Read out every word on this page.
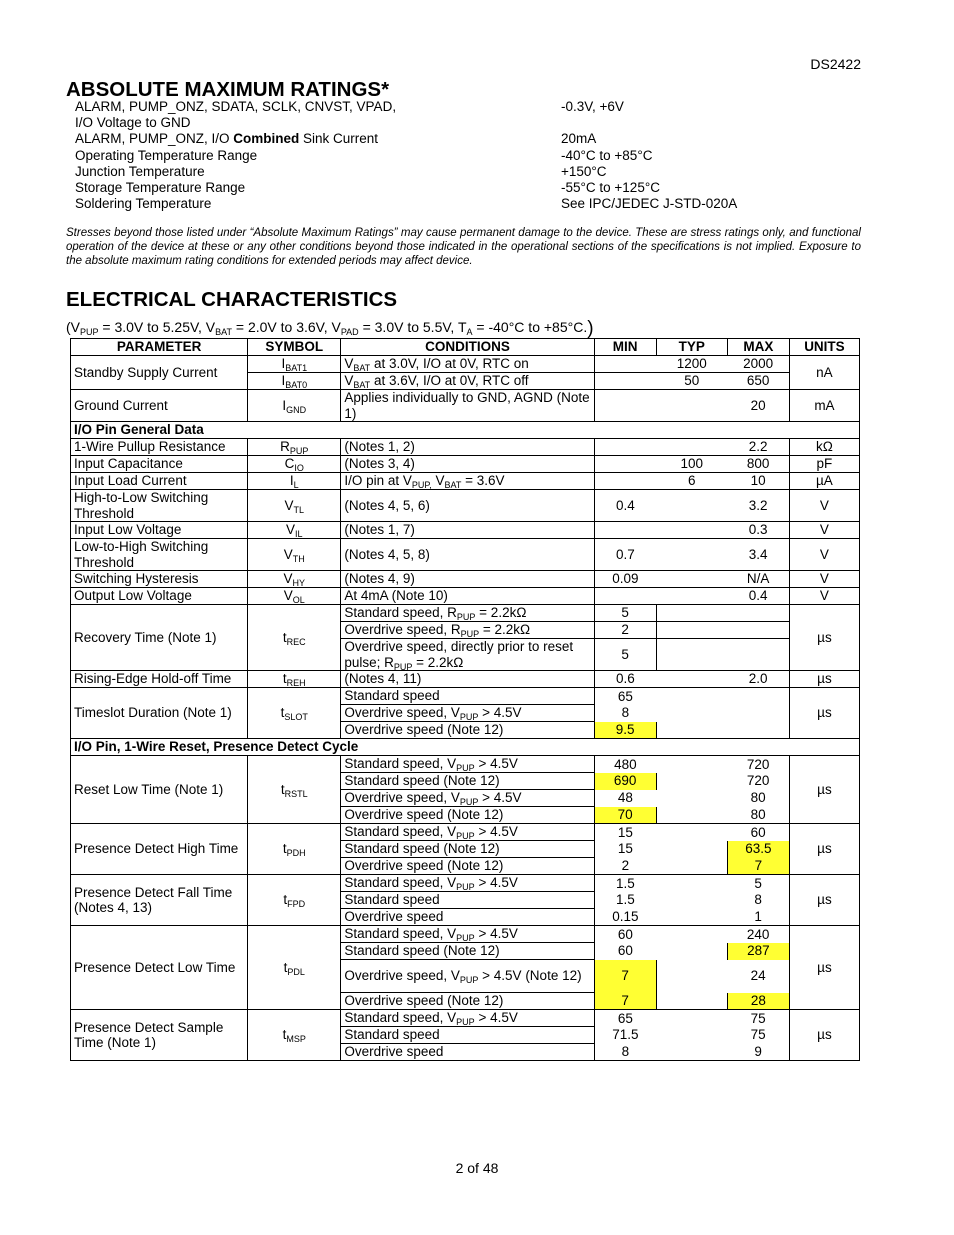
DS2422
ABSOLUTE MAXIMUM RATINGS*
ALARM, PUMP_ONZ, SDATA, SCLK, CNVST, VPAD,	-0.3V, +6V
I/O Voltage to GND	
ALARM, PUMP_ONZ, I/O Combined Sink Current	20mA
Operating Temperature Range	-40°C to +85°C
Junction Temperature	+150°C
Storage Temperature Range	-55°C to +125°C
Soldering Temperature	See IPC/JEDEC J-STD-020A
Stresses beyond those listed under “Absolute Maximum Ratings” may cause permanent damage to the device. These are stress ratings only, and functional operation of the device at these or any other conditions beyond those indicated in the operational sections of the specifications is not implied. Exposure to the absolute maximum rating conditions for extended periods may affect device.
ELECTRICAL CHARACTERISTICS
($V_{PUP} = 3.0V$ to 5.25V, $V_{BAT} = 2.0V$ to 3.6V, $V_{PAD} = 3.0V$ to 5.5V, $T_A = -40^\circ C$ to +85°C.)
PARAMETER	SYMBOL	CONDITIONS	MIN	TYP	MAX	UNITS
Standby Supply Current	$I_{BAT1}$	$V_{BAT}$ at 3.0V, I/O at 0V, RTC on		1200	2000	nA
	$I_{BAT0}$	$V_{BAT}$ at 3.6V, I/O at 0V, RTC off		50	650	
Ground Current	$I_{GND}$	Applies individually to GND, AGND (Note 1)			20	mA
I/O Pin General Data						
1-Wire Pullup Resistance	$R_{PUP}$	(Notes 1, 2)			2.2	kΩ
Input Capacitance	$C_{IO}$	(Notes 3, 4)		100	800	pF
Input Load Current	$I_L$	I/O pin at $V_{PUP,}$ $V_{BAT} = 3.6V$		6	10	µA
High-to-Low Switching Threshold	$V_{TL}$	(Notes 4, 5, 6)	0.4		3.2	V
Input Low Voltage	$V_{IL}$	(Notes 1, 7)			0.3	V
Low-to-High Switching Threshold	$V_{TH}$	(Notes 4, 5, 8)	0.7		3.4	V
Switching Hysteresis	$V_{HY}$	(Notes 4, 9)	0.09		N/A	V
Output Low Voltage	$V_{OL}$	At 4mA (Note 10)			0.4	V
Recovery Time (Note 1)	$t_{REC}$	Standard speed, $R_{PUP} = 2.2k\Omega$	5			µs
		Overdrive speed, $R_{PUP} = 2.2k\Omega$	2			
		Overdrive speed, directly prior to reset pulse; $R_{PUP} = 2.2k\Omega$	5			
Rising-Edge Hold-off Time	$t_{REH}$	(Notes 4, 11)	0.6		2.0	µs
Timeslot Duration (Note 1)	$t_{SLOT}$	Standard speed	65			µs
		Overdrive speed, $V_{PUP} > 4.5V$	8			
		Overdrive speed (Note 12)	9.5			
I/O Pin, 1-Wire Reset, Presence Detect Cycle						
Reset Low Time (Note 1)	$t_{RSTL}$	Standard speed, $V_{PUP} > 4.5V$	480		720	µs
		Standard speed (Note 12)	690		720	
		Overdrive speed, $V_{PUP} > 4.5V$	48		80	
		Overdrive speed (Note 12)	70		80	
Presence Detect High Time	$t_{PDH}$	Standard speed, $V_{PUP} > 4.5V$	15		60	µs
		Standard speed (Note 12)	15		63.5	
		Overdrive speed (Note 12)	2		7	
Presence Detect Fall Time (Notes 4, 13)	$t_{FPD}$	Standard speed, $V_{PUP} > 4.5V$	1.5		5	µs
		Standard speed	1.5		8	
		Overdrive speed	0.15		1	
Presence Detect Low Time	$t_{PDL}$	Standard speed, $V_{PUP} > 4.5V$	60		240	µs
		Standard speed (Note 12)	60		287	
		Overdrive speed, $V_{PUP} > 4.5V$ (Note 12)	7		24	
		Overdrive speed (Note 12)	7		28	
Presence Detect Sample Time (Note 1)	$t_{MSP}$	Standard speed, $V_{PUP} > 4.5V$	65		75	µs
		Standard speed	71.5		75	
		Overdrive speed	8		9	
2 of 48
